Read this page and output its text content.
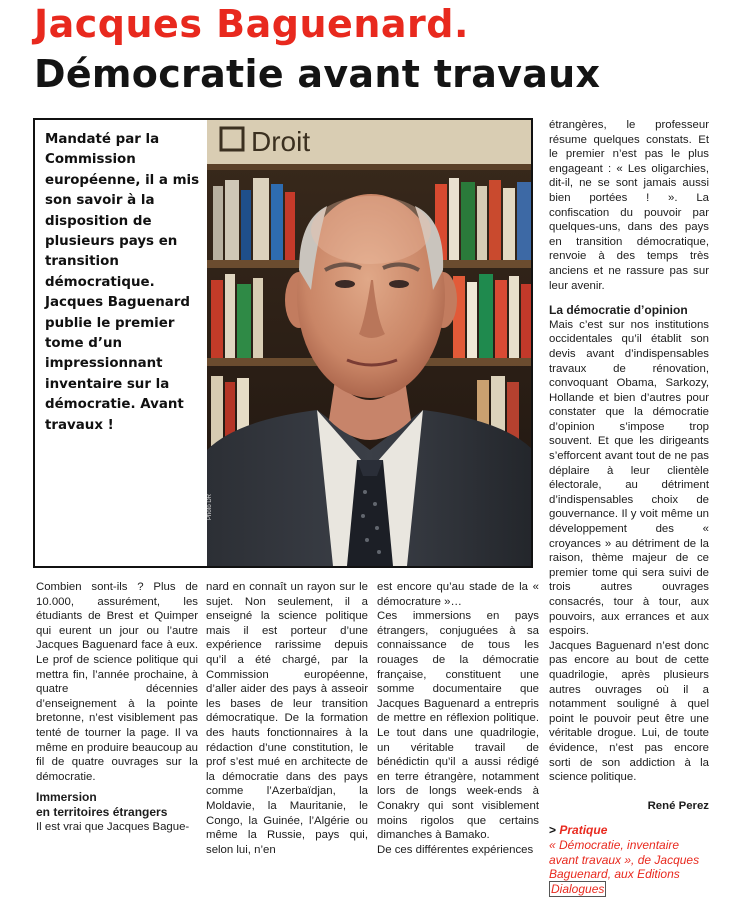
Jacques Baguenard.
Démocratie avant travaux

Mandaté par la Commission européenne, il a mis son savoir à la disposition de plusieurs pays en transition démocratique. Jacques Baguenard publie le premier tome d’un impressionnant inventaire sur la démocratie. Avant travaux !

Droit
Photo DR

Combien sont-ils ? Plus de 10.000, assurément, les étudiants de Brest et Quimper qui eurent un jour ou l’autre Jacques Baguenard face à eux. Le prof de science politique qui mettra fin, l’année prochaine, à quatre décennies d’enseignement à la pointe bretonne, n’est visiblement pas tenté de tourner la page. Il va même en produire beaucoup au fil de quatre ouvrages sur la démocratie.

Immersion
en territoires étrangers

Il est vrai que Jacques Bague-

nard en connaît un rayon sur le sujet. Non seulement, il a enseigné la science politique mais il est porteur d’une expérience rarissime depuis qu’il a été chargé, par la Commission européenne, d’aller aider des pays à asseoir les bases de leur transition démocratique. De la formation des hauts fonctionnaires à la rédaction d’une constitution, le prof s’est mué en architecte de la démocratie dans des pays comme l’Azerbaïdjan, la Moldavie, la Mauritanie, le Congo, la Guinée, l’Algérie ou même la Russie, pays qui, selon lui, n’en

est encore qu’au stade de la « démocrature »…

Ces immersions en pays étrangers, conjuguées à sa connaissance de tous les rouages de la démocratie française, constituent une somme documentaire que Jacques Baguenard a entrepris de mettre en réflexion politique. Le tout dans une quadrilogie, un véritable travail de bénédictin qu’il a aussi rédigé en terre étrangère, notamment lors de longs week-ends à Conakry qui sont visiblement moins rigolos que certains dimanches à Bamako.

De ces différentes expériences

étrangères, le professeur résume quelques constats. Et le premier n’est pas le plus engageant : « Les oligarchies, dit-il, ne se sont jamais aussi bien portées ! ». La confiscation du pouvoir par quelques-uns, dans des pays en transition démocratique, renvoie à des temps très anciens et ne rassure pas sur leur avenir.

La démocratie d’opinion

Mais c’est sur nos institutions occidentales qu’il établit son devis avant d’indispensables travaux de rénovation, convoquant Obama, Sarkozy, Hollande et bien d’autres pour constater que la démocratie d’opinion s’impose trop souvent. Et que les dirigeants s’efforcent avant tout de ne pas déplaire à leur clientèle électorale, au détriment d’indispensables choix de gouvernance. Il y voit même un développement des « croyances » au détriment de la raison, thème majeur de ce premier tome qui sera suivi de trois autres ouvrages consacrés, tour à tour, aux pouvoirs, aux errances et aux espoirs.

Jacques Baguenard n’est donc pas encore au bout de cette quadrilogie, après plusieurs autres ouvrages où il a notamment souligné à quel point le pouvoir peut être une véritable drogue. Lui, de toute évidence, n’est pas encore sorti de son addiction à la science politique.

René Perez

> Pratique
« Démocratie, inventaire avant travaux », de Jacques Baguenard, aux Editions Dialogues
